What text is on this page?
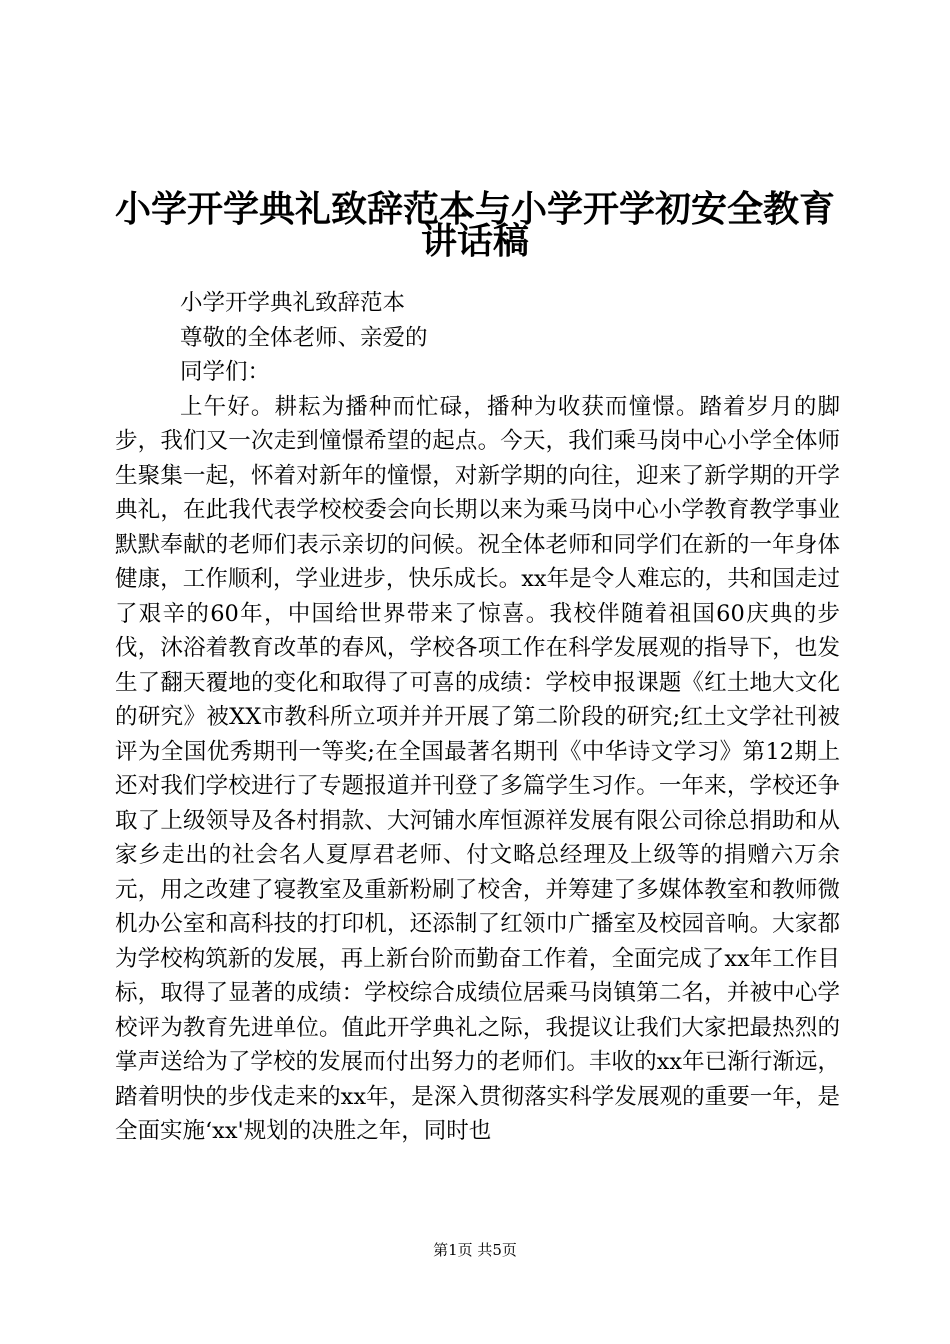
小学开学典礼致辞范本与小学开学初安全教育
讲话稿

小学开学典礼致辞范本

尊敬的全体老师、亲爱的

同学们：

上午好。耕耘为播种而忙碌，播种为收获而憧憬。踏着岁月的脚步，我们又一次走到憧憬希望的起点。今天，我们乘马岗中心小学全体师生聚集一起，怀着对新年的憧憬，对新学期的向往，迎来了新学期的开学典礼，在此我代表学校校委会向长期以来为乘马岗中心小学教育教学事业默默奉献的老师们表示亲切的问候。祝全体老师和同学们在新的一年身体健康，工作顺利，学业进步，快乐成长。xx年是令人难忘的，共和国走过了艰辛的60年，中国给世界带来了惊喜。我校伴随着祖国60庆典的步伐，沐浴着教育改革的春风，学校各项工作在科学发展观的指导下，也发生了翻天覆地的变化和取得了可喜的成绩：学校申报课题《红土地大文化的研究》被XX市教科所立项并并开展了第二阶段的研究;红土文学社刊被评为全国优秀期刊一等奖;在全国最著名期刊《中华诗文学习》第12期上还对我们学校进行了专题报道并刊登了多篇学生习作。一年来，学校还争取了上级领导及各村捐款、大河铺水库恒源祥发展有限公司徐总捐助和从家乡走出的社会名人夏厚君老师、付文略总经理及上级等的捐赠六万余元，用之改建了寝教室及重新粉刷了校舍，并筹建了多媒体教室和教师微机办公室和高科技的打印机，还添制了红领巾广播室及校园音响。大家都为学校构筑新的发展，再上新台阶而勤奋工作着，全面完成了xx年工作目标，取得了显著的成绩：学校综合成绩位居乘马岗镇第二名，并被中心学校评为教育先进单位。值此开学典礼之际，我提议让我们大家把最热烈的掌声送给为了学校的发展而付出努力的老师们。丰收的xx年已渐行渐远，踏着明快的步伐走来的xx年，是深入贯彻落实科学发展观的重要一年，是全面实施‘xx'规划的决胜之年，同时也

第1页 共5页
